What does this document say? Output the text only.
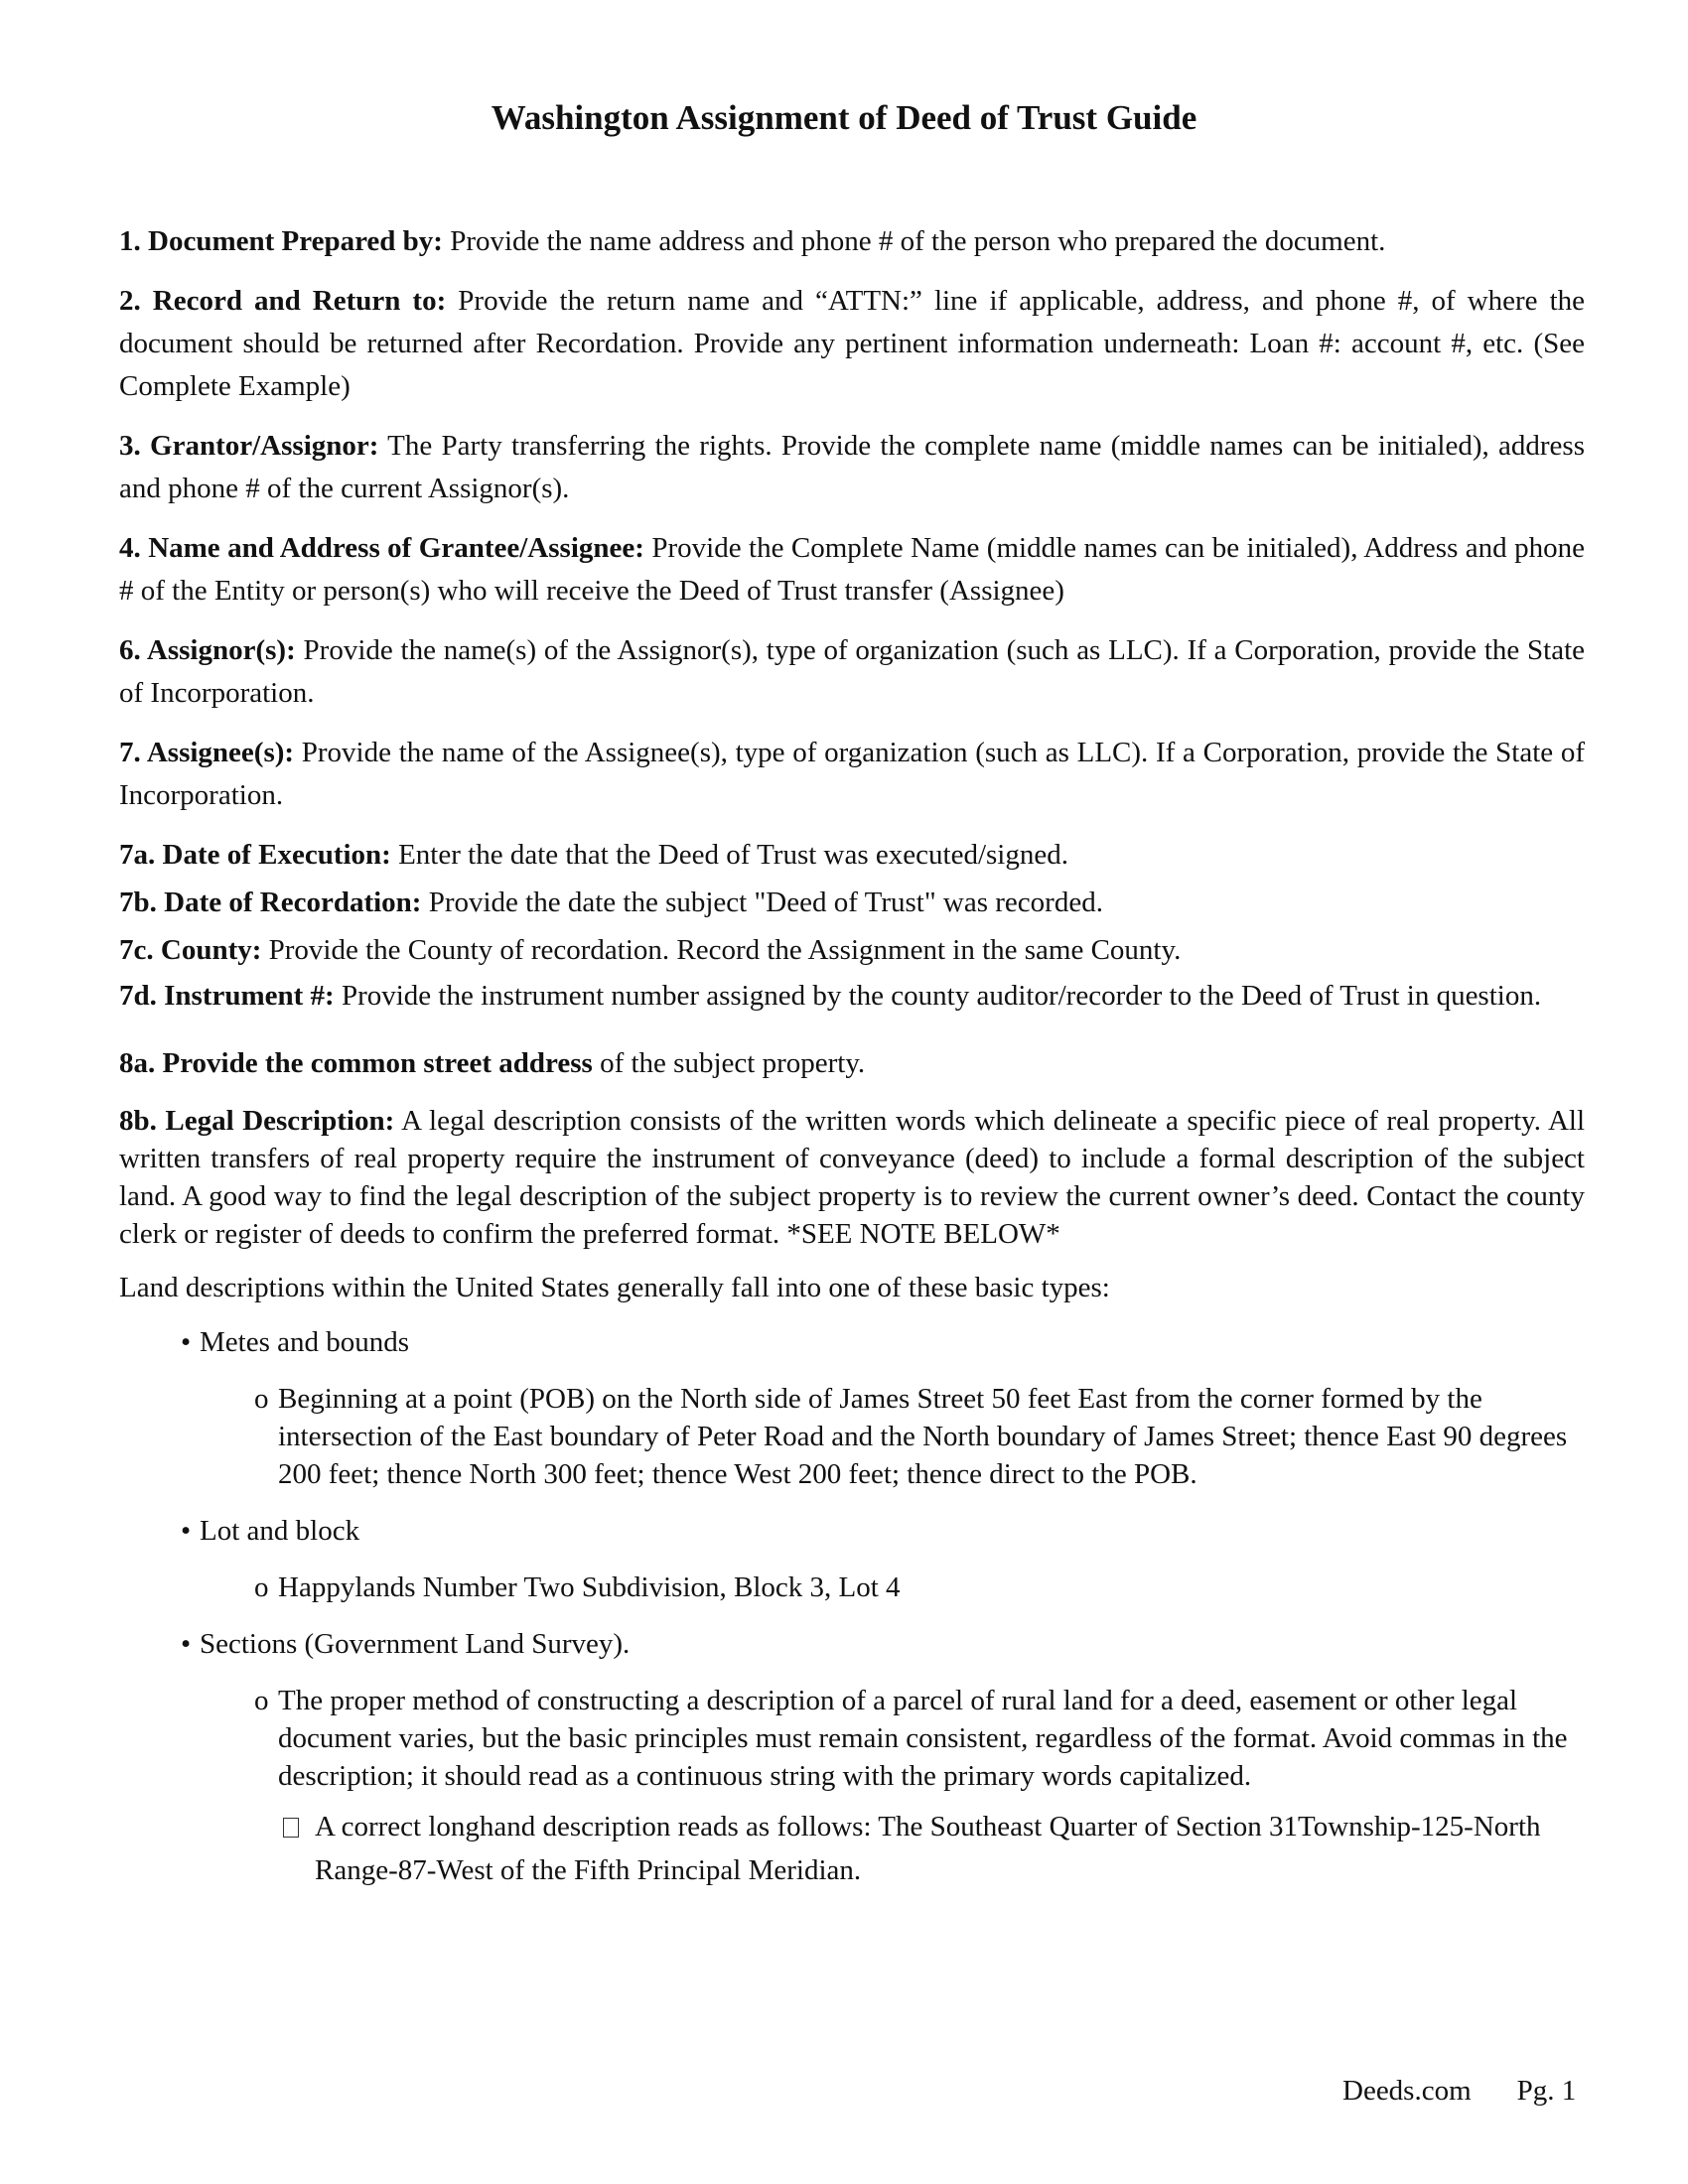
Washington Assignment of Deed of Trust Guide

1. Document Prepared by: Provide the name address and phone # of the person who prepared the document.

2. Record and Return to: Provide the return name and “ATTN:” line if applicable, address, and phone #, of where the document should be returned after Recordation. Provide any pertinent information underneath: Loan #: account #, etc. (See Complete Example)

3. Grantor/Assignor: The Party transferring the rights. Provide the complete name (middle names can be initialed), address and phone # of the current Assignor(s).

4. Name and Address of Grantee/Assignee: Provide the Complete Name (middle names can be initialed), Address and phone # of the Entity or person(s) who will receive the Deed of Trust transfer (Assignee)

6. Assignor(s): Provide the name(s) of the Assignor(s), type of organization (such as LLC). If a Corporation, provide the State of Incorporation.

7. Assignee(s): Provide the name of the Assignee(s), type of organization (such as LLC). If a Corporation, provide the State of Incorporation.

7a. Date of Execution: Enter the date that the Deed of Trust was executed/signed.

7b. Date of Recordation: Provide the date the subject "Deed of Trust" was recorded.

7c. County: Provide the County of recordation. Record the Assignment in the same County.

7d. Instrument #: Provide the instrument number assigned by the county auditor/recorder to the Deed of Trust in question.

8a. Provide the common street address of the subject property.

8b. Legal Description: A legal description consists of the written words which delineate a specific piece of real property. All written transfers of real property require the instrument of conveyance (deed) to include a formal description of the subject land. A good way to find the legal description of the subject property is to review the current owner’s deed. Contact the county clerk or register of deeds to confirm the preferred format. *SEE NOTE BELOW*

Land descriptions within the United States generally fall into one of these basic types:

• Metes and bounds
o Beginning at a point (POB) on the North side of James Street 50 feet East from the corner formed by the intersection of the East boundary of Peter Road and the North boundary of James Street; thence East 90 degrees 200 feet; thence North 300 feet; thence West 200 feet; thence direct to the POB.
• Lot and block
o Happylands Number Two Subdivision, Block 3, Lot 4
• Sections (Government Land Survey).
o The proper method of constructing a description of a parcel of rural land for a deed, easement or other legal document varies, but the basic principles must remain consistent, regardless of the format. Avoid commas in the description; it should read as a continuous string with the primary words capitalized.
A correct longhand description reads as follows: The Southeast Quarter of Section 31Township-125-North Range-87-West of the Fifth Principal Meridian.
Deeds.com Pg. 1
